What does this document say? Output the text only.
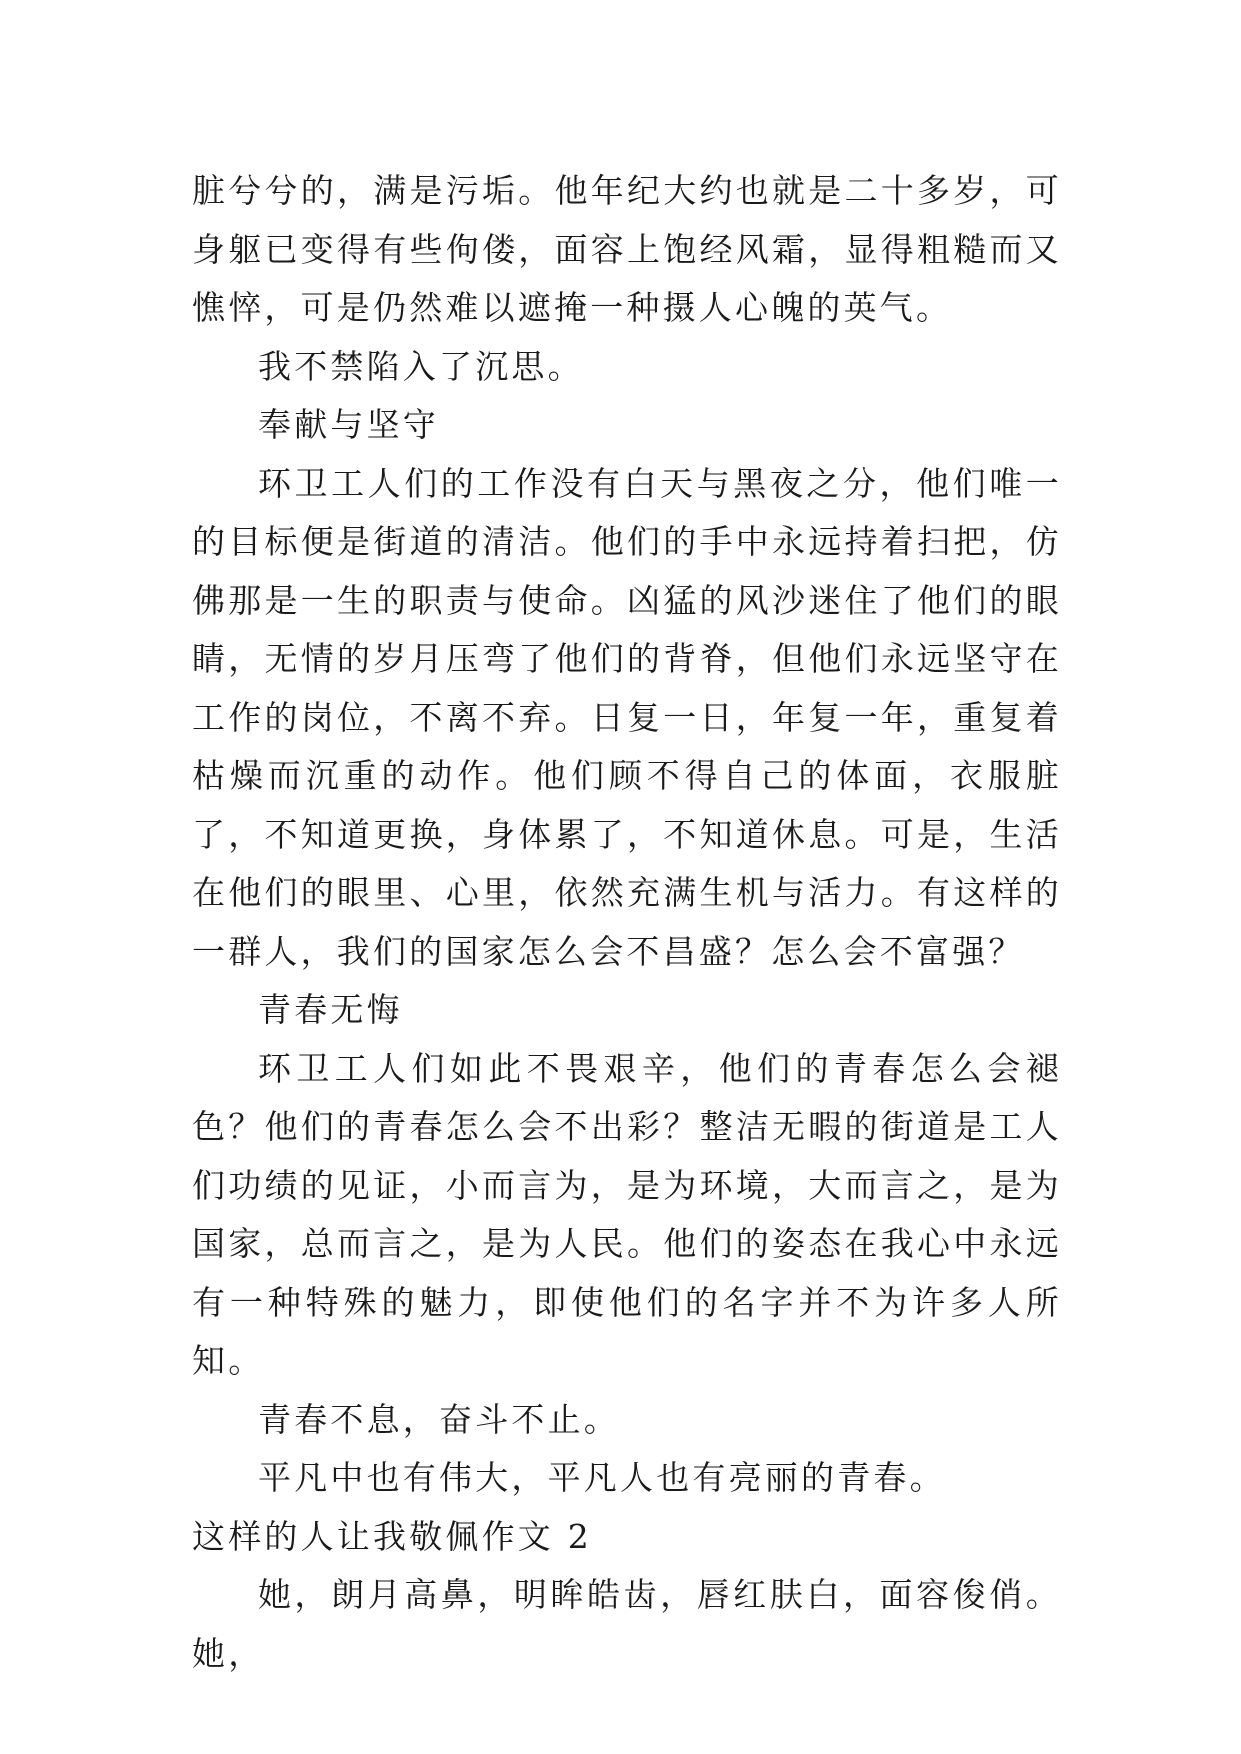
脏兮兮的，满是污垢。他年纪大约也就是二十多岁，可身躯已变得有些佝偻，面容上饱经风霜，显得粗糙而又憔悴，可是仍然难以遮掩一种摄人心魄的英气。

我不禁陷入了沉思。

奉献与坚守

环卫工人们的工作没有白天与黑夜之分，他们唯一的目标便是街道的清洁。他们的手中永远持着扫把，仿佛那是一生的职责与使命。凶猛的风沙迷住了他们的眼睛，无情的岁月压弯了他们的背脊，但他们永远坚守在工作的岗位，不离不弃。日复一日，年复一年，重复着枯燥而沉重的动作。他们顾不得自己的体面，衣服脏了，不知道更换，身体累了，不知道休息。可是，生活在他们的眼里、心里，依然充满生机与活力。有这样的一群人，我们的国家怎么会不昌盛？怎么会不富强？

青春无悔

环卫工人们如此不畏艰辛，他们的青春怎么会褪色？他们的青春怎么会不出彩？整洁无暇的街道是工人们功绩的见证，小而言为，是为环境，大而言之，是为国家，总而言之，是为人民。他们的姿态在我心中永远有一种特殊的魅力，即使他们的名字并不为许多人所知。

青春不息，奋斗不止。

平凡中也有伟大，平凡人也有亮丽的青春。

这样的人让我敬佩作文 2

她，朗月高鼻，明眸皓齿，唇红肤白，面容俊俏。她，
